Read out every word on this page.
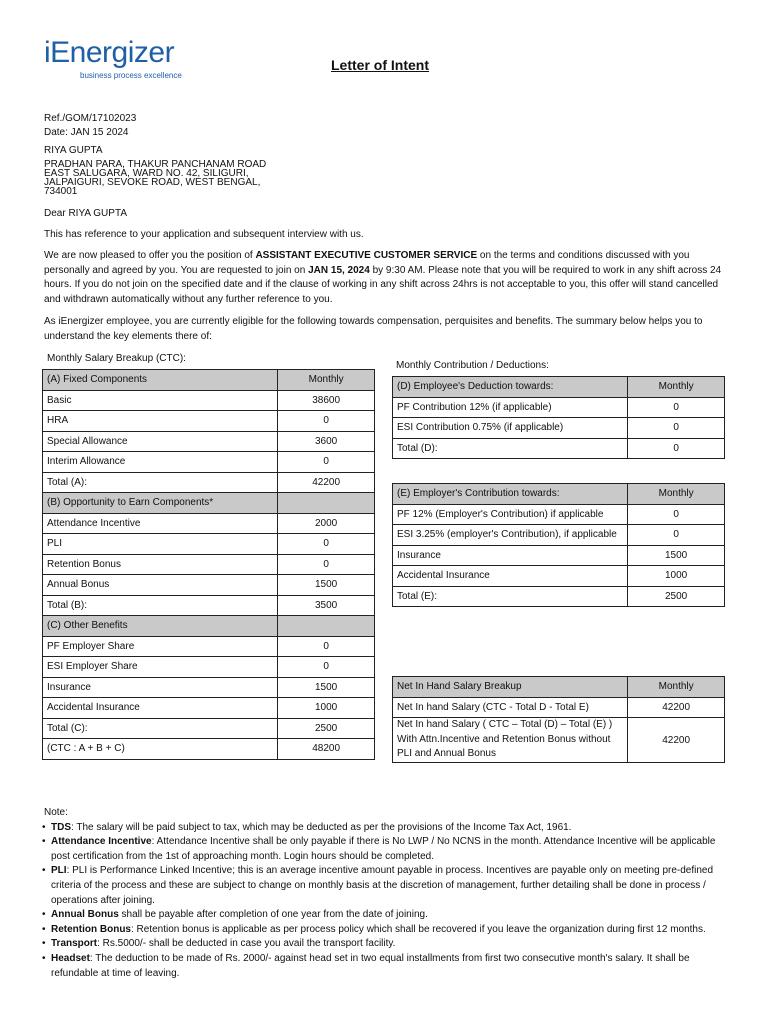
iEnergizer
business process excellence
Letter of Intent
Ref./GOM/17102023
Date: JAN 15 2024
RIYA GUPTA
PRADHAN PARA, THAKUR PANCHANAM ROAD
EAST SALUGARA, WARD NO. 42, SILIGURI,
JALPAIGURI, SEVOKE ROAD, WEST BENGAL,
734001
Dear RIYA GUPTA
This has reference to your application and subsequent interview with us.
We are now pleased to offer you the position of ASSISTANT EXECUTIVE CUSTOMER SERVICE on the terms and conditions discussed with you personally and agreed by you. You are requested to join on JAN 15, 2024 by 9:30 AM. Please note that you will be required to work in any shift across 24 hours. If you do not join on the specified date and if the clause of working in any shift across 24hrs is not acceptable to you, this offer will stand cancelled and withdrawn automatically without any further reference to you.
As iEnergizer employee, you are currently eligible for the following towards compensation, perquisites and benefits. The summary below helps you to understand the key elements there of:
Monthly Salary Breakup (CTC):
Monthly Contribution / Deductions:
(A) Fixed Components	Monthly
Basic	38600
HRA	0
Special Allowance	3600
Interim Allowance	0
Total (A):	42200
(B) Opportunity to Earn Components*	
Attendance Incentive	2000
PLI	0
Retention Bonus	0
Annual Bonus	1500
Total (B):	3500
(C) Other Benefits	
PF Employer Share	0
ESI Employer Share	0
Insurance	1500
Accidental Insurance	1000
Total (C):	2500
(CTC : A + B + C)	48200
(D) Employee's Deduction towards:	Monthly
PF Contribution 12% (if applicable)	0
ESI Contribution 0.75% (if applicable)	0
Total (D):	0
(E) Employer's Contribution towards:	Monthly
PF 12% (Employer's Contribution) if applicable	0
ESI 3.25% (employer's Contribution), if applicable	0
Insurance	1500
Accidental Insurance	1000
Total (E):	2500
Net In Hand Salary Breakup	Monthly
Net In hand Salary (CTC - Total D - Total E)	42200
Net In hand Salary ( CTC – Total (D) – Total (E) ) With Attn.Incentive and Retention Bonus without PLI and Annual Bonus	42200
Note:
• TDS: The salary will be paid subject to tax, which may be deducted as per the provisions of the Income Tax Act, 1961.
• Attendance Incentive: Attendance Incentive shall be only payable if there is No LWP / No NCNS in the month. Attendance Incentive will be applicable post certification from the 1st of approaching month. Login hours should be completed.
• PLI: PLI is Performance Linked Incentive; this is an average incentive amount payable in process. Incentives are payable only on meeting pre-defined criteria of the process and these are subject to change on monthly basis at the discretion of management, further detailing shall be done in process / operations after joining.
• Annual Bonus shall be payable after completion of one year from the date of joining.
• Retention Bonus: Retention bonus is applicable as per process policy which shall be recovered if you leave the organization during first 12 months.
• Transport: Rs.5000/- shall be deducted in case you avail the transport facility.
• Headset: The deduction to be made of Rs. 2000/- against head set in two equal installments from first two consecutive month's salary. It shall be refundable at time of leaving.
